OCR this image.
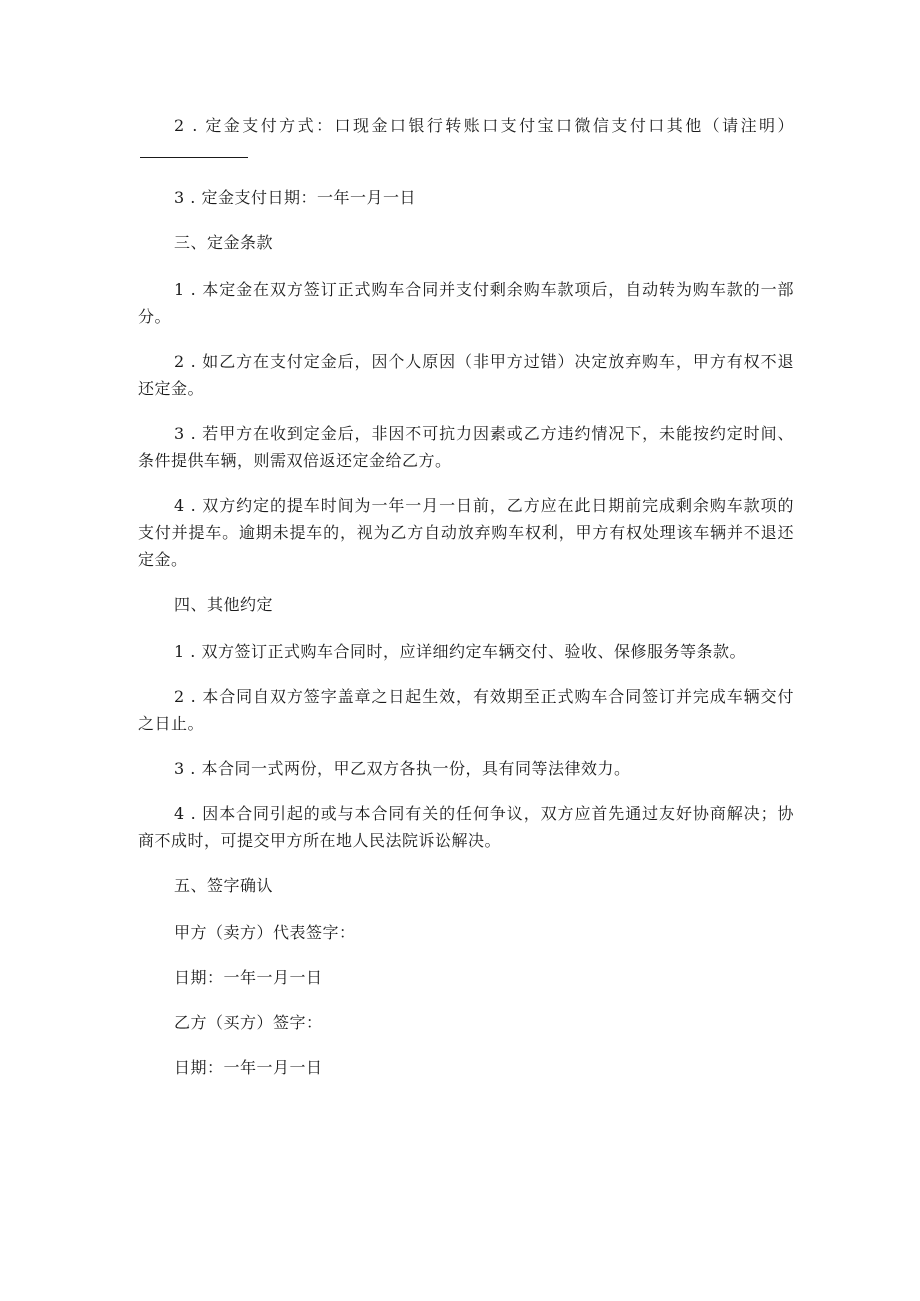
2 . 定金支付方式：口现金口银行转账口支付宝口微信支付口其他（请注明）

3 . 定金支付日期：一年一月一日

三、定金条款

1 . 本定金在双方签订正式购车合同并支付剩余购车款项后，自动转为购车款的一部分。

2 . 如乙方在支付定金后，因个人原因（非甲方过错）决定放弃购车，甲方有权不退还定金。

3 . 若甲方在收到定金后，非因不可抗力因素或乙方违约情况下，未能按约定时间、条件提供车辆，则需双倍返还定金给乙方。

4 . 双方约定的提车时间为一年一月一日前，乙方应在此日期前完成剩余购车款项的支付并提车。逾期未提车的，视为乙方自动放弃购车权利，甲方有权处理该车辆并不退还定金。

四、其他约定

1 . 双方签订正式购车合同时，应详细约定车辆交付、验收、保修服务等条款。

2 . 本合同自双方签字盖章之日起生效，有效期至正式购车合同签订并完成车辆交付之日止。

3 . 本合同一式两份，甲乙双方各执一份，具有同等法律效力。

4 . 因本合同引起的或与本合同有关的任何争议，双方应首先通过友好协商解决；协商不成时，可提交甲方所在地人民法院诉讼解决。

五、签字确认

甲方（卖方）代表签字：

日期：一年一月一日

乙方（买方）签字：

日期：一年一月一日
